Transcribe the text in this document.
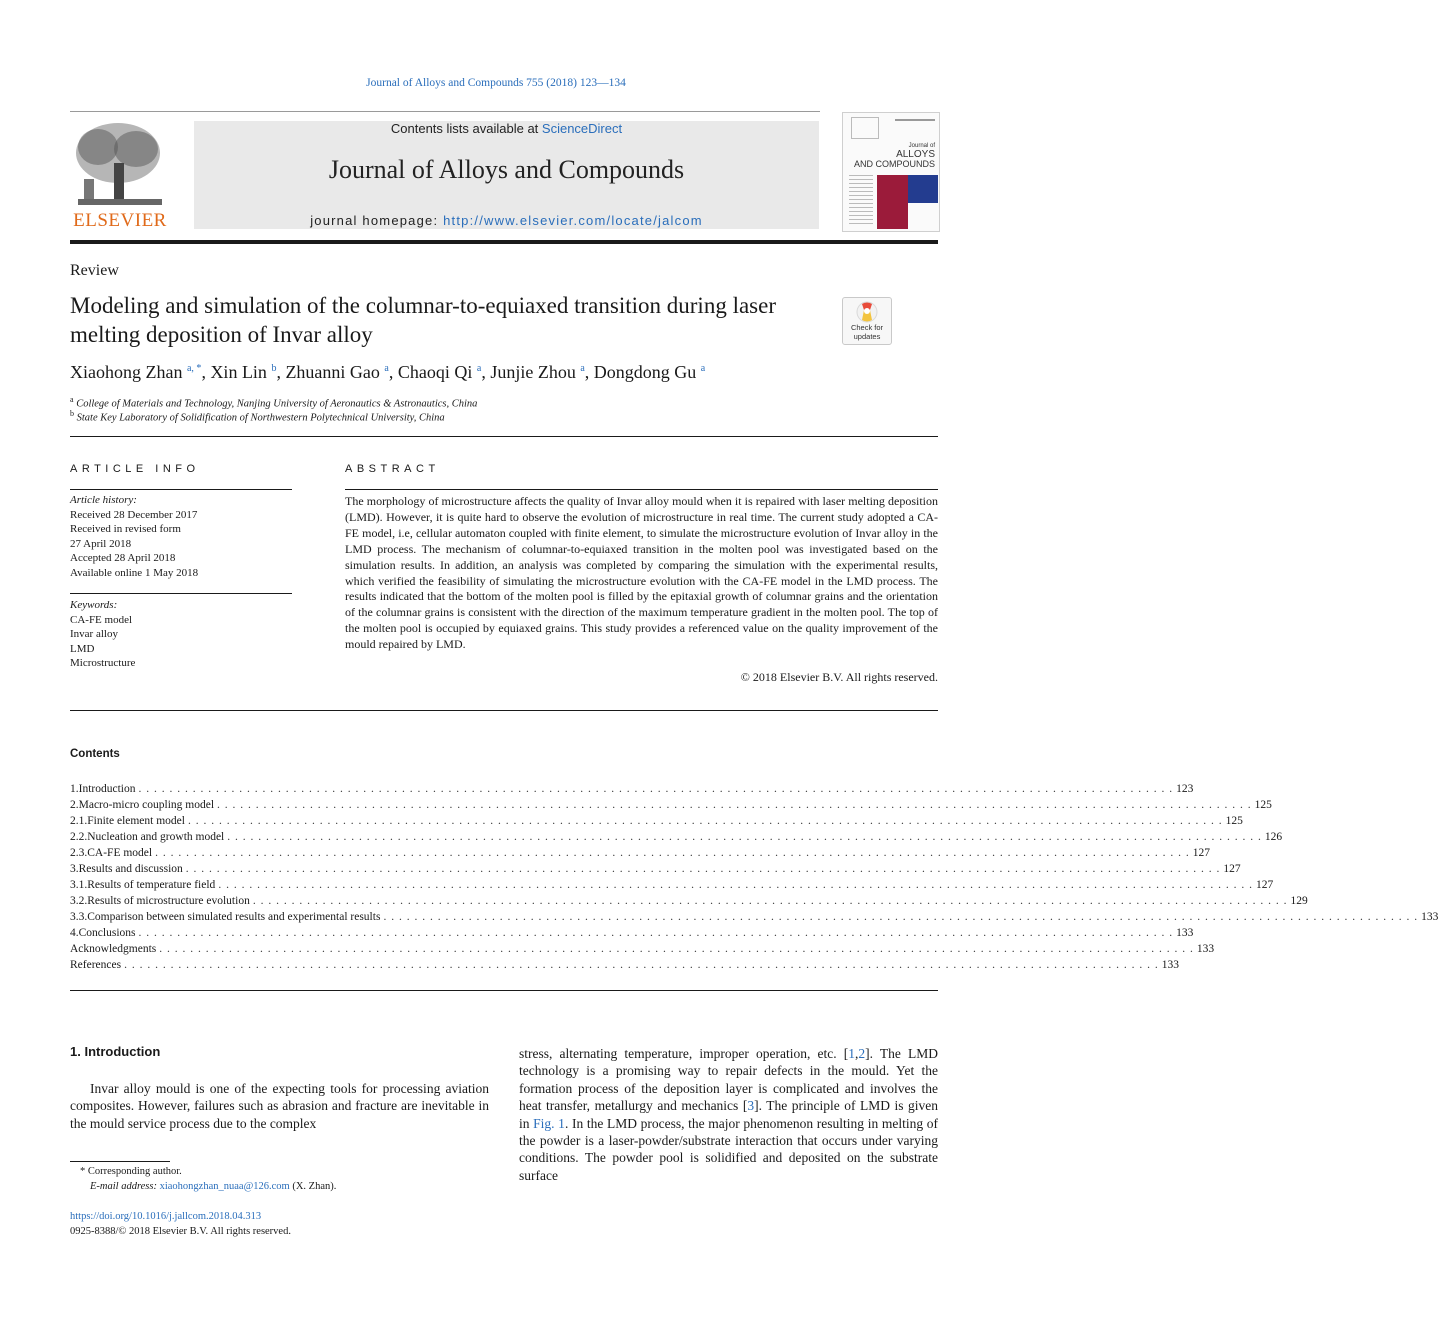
Journal of Alloys and Compounds 755 (2018) 123—134
ELSEVIER
Contents lists available at ScienceDirect
Journal of Alloys and Compounds
journal homepage: http://www.elsevier.com/locate/jalcom
Journal of
ALLOYS
AND COMPOUNDS
Review
Modeling and simulation of the columnar-to-equiaxed transition during laser melting deposition of Invar alloy	Check for
updates
Xiaohong Zhan $^{a, *}$, Xin Lin $^b$, Zhuanni Gao $^a$, Chaoqi Qi $^a$, Junjie Zhou $^a$, Dongdong Gu $^a$
$^a$ College of Materials and Technology, Nanjing University of Aeronautics & Astronautics, China
$^b$ State Key Laboratory of Solidification of Northwestern Polytechnical University, China
ARTICLE INFO
Article history:
Received 28 December 2017
Received in revised form
27 April 2018
Accepted 28 April 2018
Available online 1 May 2018
Keywords:
CA-FE model
Invar alloy
LMD
Microstructure
ABSTRACT
The morphology of microstructure affects the quality of Invar alloy mould when it is repaired with laser melting deposition (LMD). However, it is quite hard to observe the evolution of microstructure in real time. The current study adopted a CA-FE model, i.e, cellular automaton coupled with finite element, to simulate the microstructure evolution of Invar alloy in the LMD process. The mechanism of columnar-to-equiaxed transition in the molten pool was investigated based on the simulation results. In addition, an analysis was completed by comparing the simulation with the experimental results, which verified the feasibility of simulating the microstructure evolution with the CA-FE model in the LMD process. The results indicated that the bottom of the molten pool is filled by the epitaxial growth of columnar grains and the orientation of the columnar grains is consistent with the direction of the maximum temperature gradient in the molten pool. The top of the molten pool is occupied by equiaxed grains. This study provides a referenced value on the quality improvement of the mould repaired by LMD.
© 2018 Elsevier B.V. All rights reserved.
Contents
1. Introduction . . . . . . . . . . . . . . . . . . . . . . . . . . . . . . . . . . . . . . . . . . . . . . . . . . . . . . . . . . . . . . . . . . . . . . . . . . . . . . . . . . . . . . . . . . . . . . . . . . . . . . . . . . . . . . . . . . . . . . . . . . . . . . . . . . . . . . 123
2. Macro-micro coupling model . . . . . . . . . . . . . . . . . . . . . . . . . . . . . . . . . . . . . . . . . . . . . . . . . . . . . . . . . . . . . . . . . . . . . . . . . . . . . . . . . . . . . . . . . . . . . . . . . . . . . . . . . . . . . . . . . . . . . . . . . . . . . . . . . . . . . . 125
2.1. Finite element model . . . . . . . . . . . . . . . . . . . . . . . . . . . . . . . . . . . . . . . . . . . . . . . . . . . . . . . . . . . . . . . . . . . . . . . . . . . . . . . . . . . . . . . . . . . . . . . . . . . . . . . . . . . . . . . . . . . . . . . . . . . . . . . . . . . . . . 125
2.2. Nucleation and growth model . . . . . . . . . . . . . . . . . . . . . . . . . . . . . . . . . . . . . . . . . . . . . . . . . . . . . . . . . . . . . . . . . . . . . . . . . . . . . . . . . . . . . . . . . . . . . . . . . . . . . . . . . . . . . . . . . . . . . . . . . . . . . . . . . . . . . . 126
2.3. CA-FE model . . . . . . . . . . . . . . . . . . . . . . . . . . . . . . . . . . . . . . . . . . . . . . . . . . . . . . . . . . . . . . . . . . . . . . . . . . . . . . . . . . . . . . . . . . . . . . . . . . . . . . . . . . . . . . . . . . . . . . . . . . . . . . . . . . . . . . 127
3. Results and discussion . . . . . . . . . . . . . . . . . . . . . . . . . . . . . . . . . . . . . . . . . . . . . . . . . . . . . . . . . . . . . . . . . . . . . . . . . . . . . . . . . . . . . . . . . . . . . . . . . . . . . . . . . . . . . . . . . . . . . . . . . . . . . . . . . . . . . . 127
3.1. Results of temperature field . . . . . . . . . . . . . . . . . . . . . . . . . . . . . . . . . . . . . . . . . . . . . . . . . . . . . . . . . . . . . . . . . . . . . . . . . . . . . . . . . . . . . . . . . . . . . . . . . . . . . . . . . . . . . . . . . . . . . . . . . . . . . . . . . . . . . . 127
3.2. Results of microstructure evolution . . . . . . . . . . . . . . . . . . . . . . . . . . . . . . . . . . . . . . . . . . . . . . . . . . . . . . . . . . . . . . . . . . . . . . . . . . . . . . . . . . . . . . . . . . . . . . . . . . . . . . . . . . . . . . . . . . . . . . . . . . . . . . . . . . . . . . 129
3.3. Comparison between simulated results and experimental results . . . . . . . . . . . . . . . . . . . . . . . . . . . . . . . . . . . . . . . . . . . . . . . . . . . . . . . . . . . . . . . . . . . . . . . . . . . . . . . . . . . . . . . . . . . . . . . . . . . . . . . . . . . . . . . . . . . . . . . . . . . . . . . . . . . . . . 133
4. Conclusions . . . . . . . . . . . . . . . . . . . . . . . . . . . . . . . . . . . . . . . . . . . . . . . . . . . . . . . . . . . . . . . . . . . . . . . . . . . . . . . . . . . . . . . . . . . . . . . . . . . . . . . . . . . . . . . . . . . . . . . . . . . . . . . . . . . . . . 133
Acknowledgments . . . . . . . . . . . . . . . . . . . . . . . . . . . . . . . . . . . . . . . . . . . . . . . . . . . . . . . . . . . . . . . . . . . . . . . . . . . . . . . . . . . . . . . . . . . . . . . . . . . . . . . . . . . . . . . . . . . . . . . . . . . . . . . . . . . . . . 133
References . . . . . . . . . . . . . . . . . . . . . . . . . . . . . . . . . . . . . . . . . . . . . . . . . . . . . . . . . . . . . . . . . . . . . . . . . . . . . . . . . . . . . . . . . . . . . . . . . . . . . . . . . . . . . . . . . . . . . . . . . . . . . . . . . . . . . . 133
1. Introduction
Invar alloy mould is one of the expecting tools for processing aviation composites. However, failures such as abrasion and fracture are inevitable in the mould service process due to the complex
stress, alternating temperature, improper operation, etc. [1,2]. The LMD technology is a promising way to repair defects in the mould. Yet the formation process of the deposition layer is complicated and involves the heat transfer, metallurgy and mechanics [3]. The principle of LMD is given in Fig. 1. In the LMD process, the major phenomenon resulting in melting of the powder is a laser-powder/substrate interaction that occurs under varying conditions. The powder pool is solidified and deposited on the substrate surface
* Corresponding author.
E-mail address: xiaohongzhan_nuaa@126.com (X. Zhan).
https://doi.org/10.1016/j.jallcom.2018.04.313
0925-8388/© 2018 Elsevier B.V. All rights reserved.
